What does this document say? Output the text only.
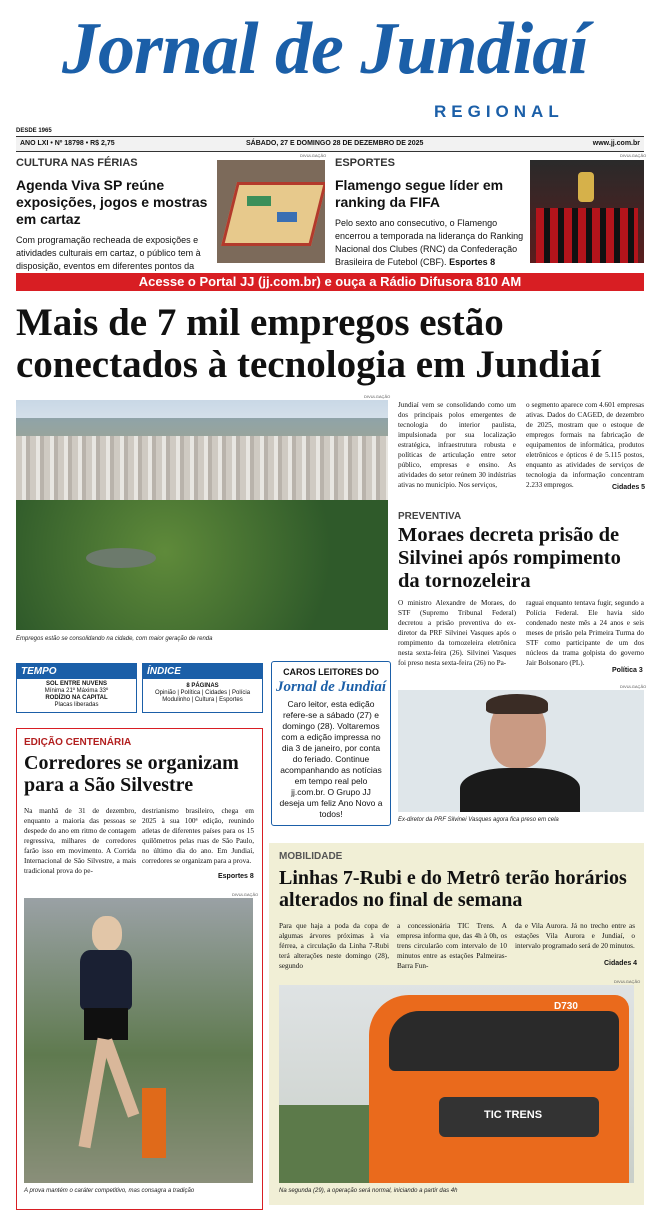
Jornal de Jundiaí
REGIONAL
DESDE 1965
ANO LXI • Nº 18798 • R$ 2,75	SÁBADO, 27 E DOMINGO 28 DE DEZEMBRO DE 2025	www.jj.com.br
CULTURA NAS FÉRIAS
Agenda Viva SP reúne exposições, jogos e mostras em cartaz
Com programação recheada de exposições e atividades culturais em cartaz, o público tem à disposição, eventos em diferentes pontos da
DIVULGAÇÃO
ESPORTES
Flamengo segue líder em ranking da FIFA
Pelo sexto ano consecutivo, o Flamengo encerrou a temporada na liderança do Ranking Nacional dos Clubes (RNC) da Confederação Brasileira de Futebol (CBF). Esportes 8
DIVULGAÇÃO
Acesse o Portal JJ (jj.com.br) e ouça a Rádio Difusora 810 AM
Mais de 7 mil empregos estão conectados à tecnologia em Jundiaí
DIVULGAÇÃO
Empregos estão se consolidando na cidade, com maior geração de renda
Jundiaí vem se consolidando como um dos principais polos emergentes de tecnologia do interior paulista, impulsionada por sua localização estratégica, infraestrutura robusta e políticas de articulação entre setor público, empresas e ensino. As atividades do setor reúnem 30 indústrias ativas no município. Nos serviços,
o segmento aparece com 4.601 empresas ativas. Dados do CAGED, de dezembro de 2025, mostram que o estoque de empregos formais na fabricação de equipamentos de informática, produtos eletrônicos e ópticos é de 5.115 postos, enquanto as atividades de serviços de tecnologia da informação concentram 2.233 empregos.	Cidades 5
PREVENTIVA
Moraes decreta prisão de Silvinei após rompimento da tornozeleira
O ministro Alexandre de Moraes, do STF (Supremo Tribunal Federal) decretou a prisão preventiva do ex-diretor da PRF Silvinei Vasques após o rompimento da tornozeleira eletrônica nesta sexta-feira (26). Silvinei Vasques foi preso nesta sexta-feira (26) no Pa-
raguai enquanto tentava fugir, segundo a Polícia Federal. Ele havia sido condenado neste mês a 24 anos e seis meses de prisão pela Primeira Turma do STF como participante de um dos núcleos da trama golpista do governo Jair Bolsonaro (PL).
Política 3
DIVULGAÇÃO
Ex-diretor da PRF Silvinei Vasques agora fica preso em cela
TEMPO
SOL ENTRE NUVENS
Mínima 21º Máxima 33º
RODÍZIO NA CAPITAL
Placas liberadas
ÍNDICE
8 PÁGINAS
Opinião | Política | Cidades | Polícia
Modulinho | Cultura | Esportes
CAROS LEITORES DO
Jornal de Jundiaí
Caro leitor, esta edição refere-se a sábado (27) e domingo (28). Voltaremos com a edição impressa no dia 3 de janeiro, por conta do feriado. Continue acompanhando as notícias em tempo real pelo jj.com.br. O Grupo JJ deseja um feliz Ano Novo a todos!
EDIÇÃO CENTENÁRIA
Corredores se organizam para a São Silvestre
Na manhã de 31 de dezembro, enquanto a maioria das pessoas se despede do ano em ritmo de contagem regressiva, milhares de corredores farão isso em movimento. A Corrida Internacional de São Silvestre, a mais tradicional prova do pe-
destrianismo brasileiro, chega em 2025 à sua 100ª edição, reunindo atletas de diferentes países para os 15 quilômetros pelas ruas de São Paulo, no último dia do ano. Em Jundiaí, corredores se organizam para a prova.
Esportes 8
DIVULGAÇÃO
A prova mantém o caráter competitivo, mas consagra a tradição
MOBILIDADE
Linhas 7-Rubi e do Metrô terão horários alterados no final de semana
Para que haja a poda da copa de algumas árvores próximas à via férrea, a circulação da Linha 7-Rubi terá alterações neste domingo (28), segundo
a concessionária TIC Trens. A empresa informa que, das 4h à 0h, os trens circularão com intervalo de 10 minutos entre as estações Palmeiras-Barra Fun-
da e Vila Aurora. Já no trecho entre as estações Vila Aurora e Jundiaí, o intervalo programado será de 20 minutos.
Cidades 4
DIVULGAÇÃO
D730
TIC TRENS
Na segunda (29), a operação será normal, iniciando a partir das 4h
